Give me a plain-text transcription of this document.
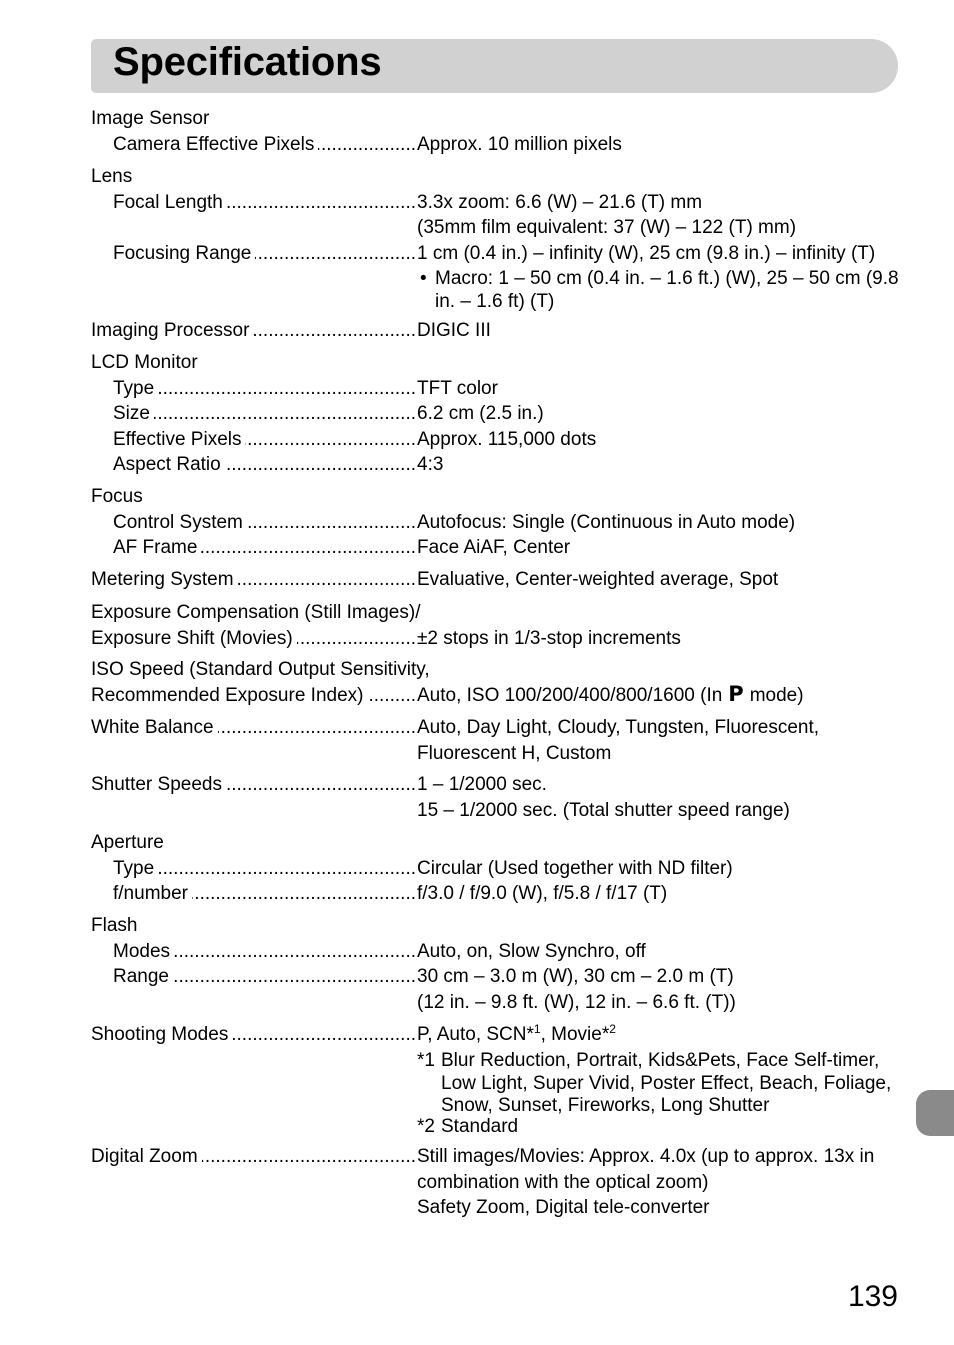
Specifications
Image Sensor
Camera Effective Pixels .....	Approx. 10 million pixels
Lens
Focal Length .....	3.3x zoom: 6.6 (W) – 21.6 (T) mm
(35mm film equivalent: 37 (W) – 122 (T) mm)
Focusing Range .....	1 cm (0.4 in.) – infinity (W), 25 cm (9.8 in.) – infinity (T)
• Macro: 1 – 50 cm (0.4 in. – 1.6 ft.) (W), 25 – 50 cm (9.8
in. – 1.6 ft) (T)
Imaging Processor .....	DIGIC III
LCD Monitor
Type .....	TFT color
Size .....	6.2 cm (2.5 in.)
Effective Pixels .....	Approx. 115,000 dots
Aspect Ratio .....	4:3
Focus
Control System .....	Autofocus: Single (Continuous in Auto mode)
AF Frame .....	Face AiAF, Center
Metering System .....	Evaluative, Center-weighted average, Spot
Exposure Compensation (Still Images)/
Exposure Shift (Movies) .....	±2 stops in 1/3-stop increments
ISO Speed (Standard Output Sensitivity,
Recommended Exposure Index) .....	Auto, ISO 100/200/400/800/1600 (In P mode)
White Balance .....	Auto, Day Light, Cloudy, Tungsten, Fluorescent,
Fluorescent H, Custom
Shutter Speeds .....	1 – 1/2000 sec.
15 – 1/2000 sec. (Total shutter speed range)
Aperture
Type .....	Circular (Used together with ND filter)
f/number .....	f/3.0 / f/9.0 (W), f/5.8 / f/17 (T)
Flash
Modes .....	Auto, on, Slow Synchro, off
Range .....	30 cm – 3.0 m (W), 30 cm – 2.0 m (T)
(12 in. – 9.8 ft. (W), 12 in. – 6.6 ft. (T))
Shooting Modes .....	P, Auto, SCN*$^1$, Movie*$^2$
*1 Blur Reduction, Portrait, Kids&Pets, Face Self-timer,
Low Light, Super Vivid, Poster Effect, Beach, Foliage,
Snow, Sunset, Fireworks, Long Shutter
*2 Standard
Digital Zoom .....	Still images/Movies: Approx. 4.0x (up to approx. 13x in
combination with the optical zoom)
Safety Zoom, Digital tele-converter
139
